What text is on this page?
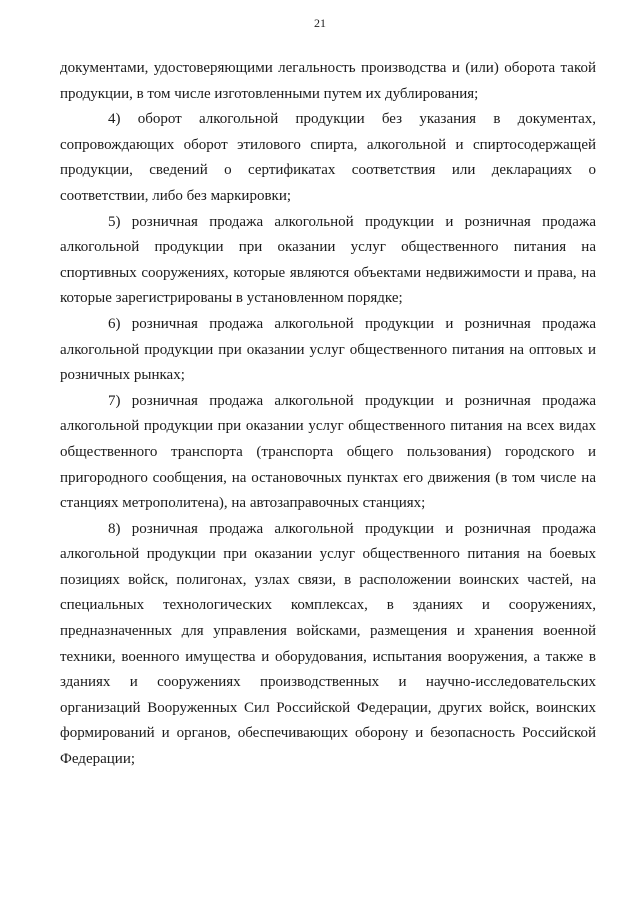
21

документами, удостоверяющими легальность производства и (или) оборота такой продукции, в том числе изготовленными путем их дублирования;

4) оборот алкогольной продукции без указания в документах, сопровождающих оборот этилового спирта, алкогольной и спиртосодержащей продукции, сведений о сертификатах соответствия или декларациях о соответствии, либо без маркировки;

5) розничная продажа алкогольной продукции и розничная продажа алкогольной продукции при оказании услуг общественного питания на спортивных сооружениях, которые являются объектами недвижимости и права, на которые зарегистрированы в установленном порядке;

6) розничная продажа алкогольной продукции и розничная продажа алкогольной продукции при оказании услуг общественного питания на оптовых и розничных рынках;

7) розничная продажа алкогольной продукции и розничная продажа алкогольной продукции при оказании услуг общественного питания на всех видах общественного транспорта (транспорта общего пользования) городского и пригородного сообщения, на остановочных пунктах его движения (в том числе на станциях метрополитена), на автозаправочных станциях;

8) розничная продажа алкогольной продукции и розничная продажа алкогольной продукции при оказании услуг общественного питания на боевых позициях войск, полигонах, узлах связи, в расположении воинских частей, на специальных технологических комплексах, в зданиях и сооружениях, предназначенных для управления войсками, размещения и хранения военной техники, военного имущества и оборудования, испытания вооружения, а также в зданиях и сооружениях производственных и научно-исследовательских организаций Вооруженных Сил Российской Федерации, других войск, воинских формирований и органов, обеспечивающих оборону и безопасность Российской Федерации;
